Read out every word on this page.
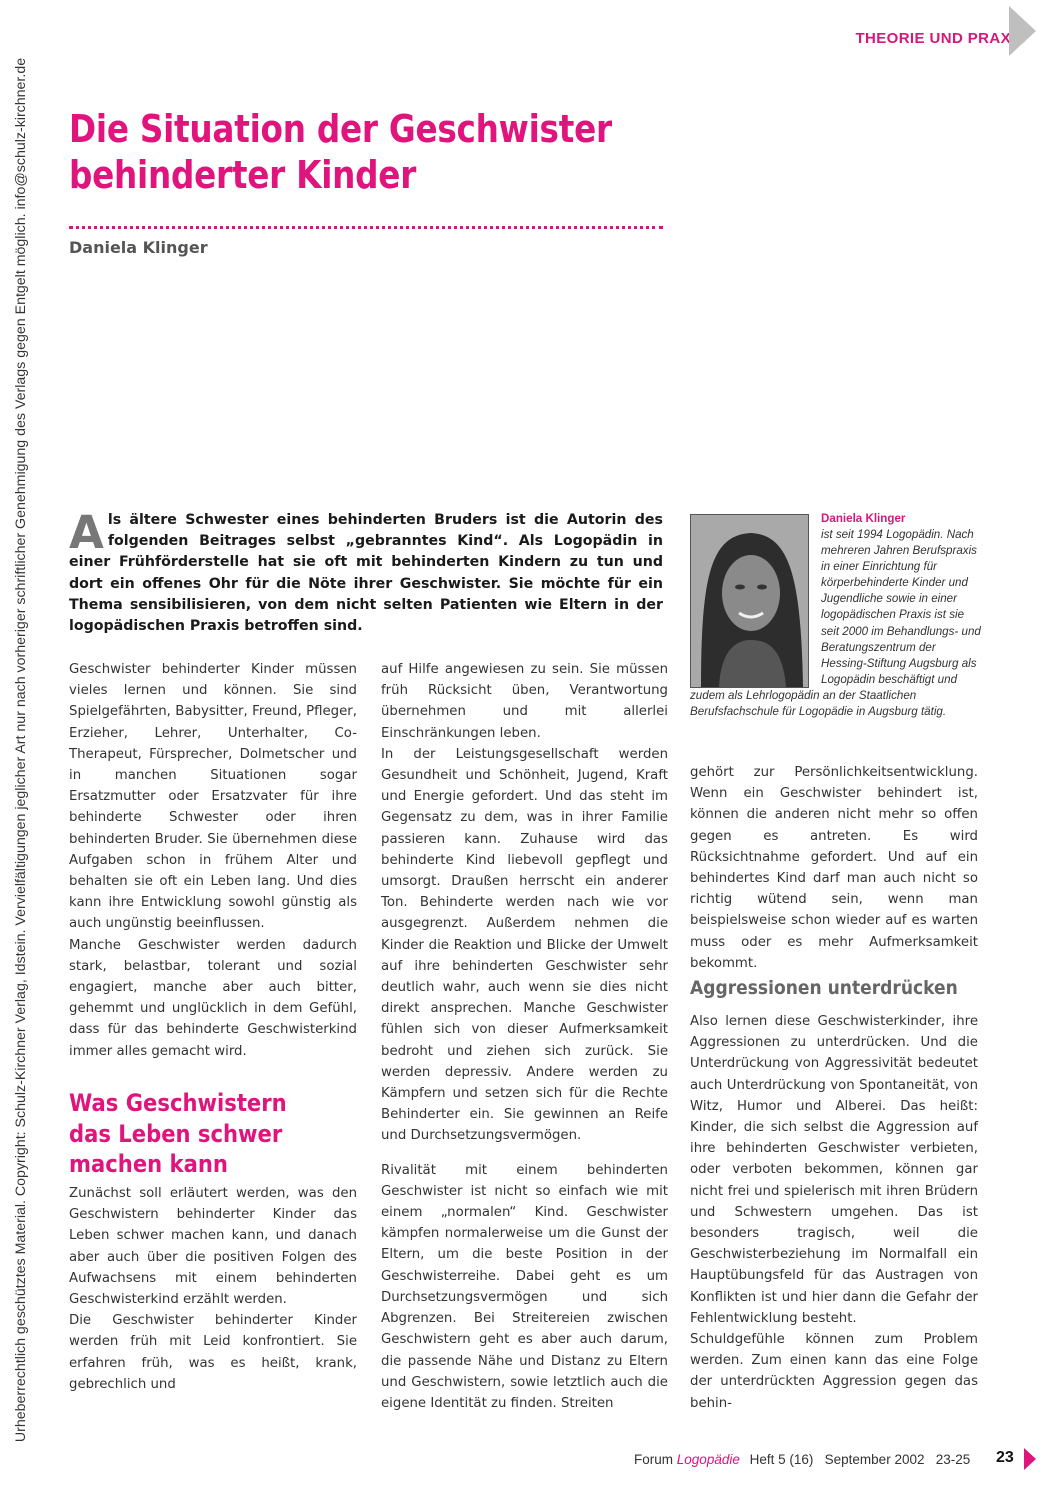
Urheberrechtlich geschütztes Material. Copyright: Schulz-Kirchner Verlag, Idstein. Vervielfältigungen jeglicher Art nur nach vorheriger schriftlicher Genehmigung des Verlags gegen Entgelt möglich. info@schulz-kirchner.de
THEORIE UND PRAXIS
Die Situation der Geschwister
behinderter Kinder

Daniela Klinger

Als ältere Schwester eines behinderten Bruders ist die Autorin des folgenden Beitrages selbst „gebranntes Kind“. Als Logopädin in einer Frühförderstelle hat sie oft mit behinderten Kindern zu tun und dort ein offenes Ohr für die Nöte ihrer Geschwister. Sie möchte für ein Thema sensibilisieren, von dem nicht selten Patienten wie Eltern in der logopädischen Praxis betroffen sind.

Geschwister behinderter Kinder müssen vieles lernen und können. Sie sind Spielgefährten, Babysitter, Freund, Pfleger, Erzieher, Lehrer, Unterhalter, Co-Therapeut, Fürsprecher, Dolmetscher und in manchen Situationen sogar Ersatzmutter oder Ersatzvater für ihre behinderte Schwester oder ihren behinderten Bruder. Sie übernehmen diese Aufgaben schon in frühem Alter und behalten sie oft ein Leben lang. Und dies kann ihre Entwicklung sowohl günstig als auch ungünstig beeinflussen.

Manche Geschwister werden dadurch stark, belastbar, tolerant und sozial engagiert, manche aber auch bitter, gehemmt und unglücklich in dem Gefühl, dass für das behinderte Geschwisterkind immer alles gemacht wird.

Was Geschwistern
das Leben schwer
machen kann

Zunächst soll erläutert werden, was den Geschwistern behinderter Kinder das Leben schwer machen kann, und danach aber auch über die positiven Folgen des Aufwachsens mit einem behinderten Geschwisterkind erzählt werden.

Die Geschwister behinderter Kinder werden früh mit Leid konfrontiert. Sie erfahren früh, was es heißt, krank, gebrechlich und

auf Hilfe angewiesen zu sein. Sie müssen früh Rücksicht üben, Verantwortung übernehmen und mit allerlei Einschränkungen leben.

In der Leistungsgesellschaft werden Gesundheit und Schönheit, Jugend, Kraft und Energie gefordert. Und das steht im Gegensatz zu dem, was in ihrer Familie passieren kann. Zuhause wird das behinderte Kind liebevoll gepflegt und umsorgt. Draußen herrscht ein anderer Ton. Behinderte werden nach wie vor ausgegrenzt. Außerdem nehmen die Kinder die Reaktion und Blicke der Umwelt auf ihre behinderten Geschwister sehr deutlich wahr, auch wenn sie dies nicht direkt ansprechen. Manche Geschwister fühlen sich von dieser Aufmerksamkeit bedroht und ziehen sich zurück. Sie werden depressiv. Andere werden zu Kämpfern und setzen sich für die Rechte Behinderter ein. Sie gewinnen an Reife und Durchsetzungsvermögen.

Rivalität mit einem behinderten Geschwister ist nicht so einfach wie mit einem „normalen“ Kind. Geschwister kämpfen normalerweise um die Gunst der Eltern, um die beste Position in der Geschwisterreihe. Dabei geht es um Durchsetzungsvermögen und sich Abgrenzen. Bei Streitereien zwischen Geschwistern geht es aber auch darum, die passende Nähe und Distanz zu Eltern und Geschwistern, sowie letztlich auch die eigene Identität zu finden. Streiten

Daniela Klinger

ist seit 1994 Logopädin. Nach mehreren Jahren Berufspraxis in einer Einrichtung für körperbehinderte Kinder und Jugendliche sowie in einer logopädischen Praxis ist sie seit 2000 im Behandlungs- und Beratungszentrum der Hessing-Stiftung Augsburg als Logopädin beschäftigt und

zudem als Lehrlogopädin an der Staatlichen Berufsfachschule für Logopädie in Augsburg tätig.

gehört zur Persönlichkeitsentwicklung. Wenn ein Geschwister behindert ist, können die anderen nicht mehr so offen gegen es antreten. Es wird Rücksichtnahme gefordert. Und auf ein behindertes Kind darf man auch nicht so richtig wütend sein, wenn man beispielsweise schon wieder auf es warten muss oder es mehr Aufmerksamkeit bekommt.

Aggressionen unterdrücken

Also lernen diese Geschwisterkinder, ihre Aggressionen zu unterdrücken. Und die Unterdrückung von Aggressivität bedeutet auch Unterdrückung von Spontaneität, von Witz, Humor und Alberei. Das heißt: Kinder, die sich selbst die Aggression auf ihre behinderten Geschwister verbieten, oder verboten bekommen, können gar nicht frei und spielerisch mit ihren Brüdern und Schwestern umgehen. Das ist besonders tragisch, weil die Geschwisterbeziehung im Normalfall ein Hauptübungsfeld für das Austragen von Konflikten ist und hier dann die Gefahr der Fehlentwicklung besteht.

Schuldgefühle können zum Problem werden. Zum einen kann das eine Folge der unterdrückten Aggression gegen das behin-

Forum Logopädie Heft 5 (16)   September 2002   23-25 23
